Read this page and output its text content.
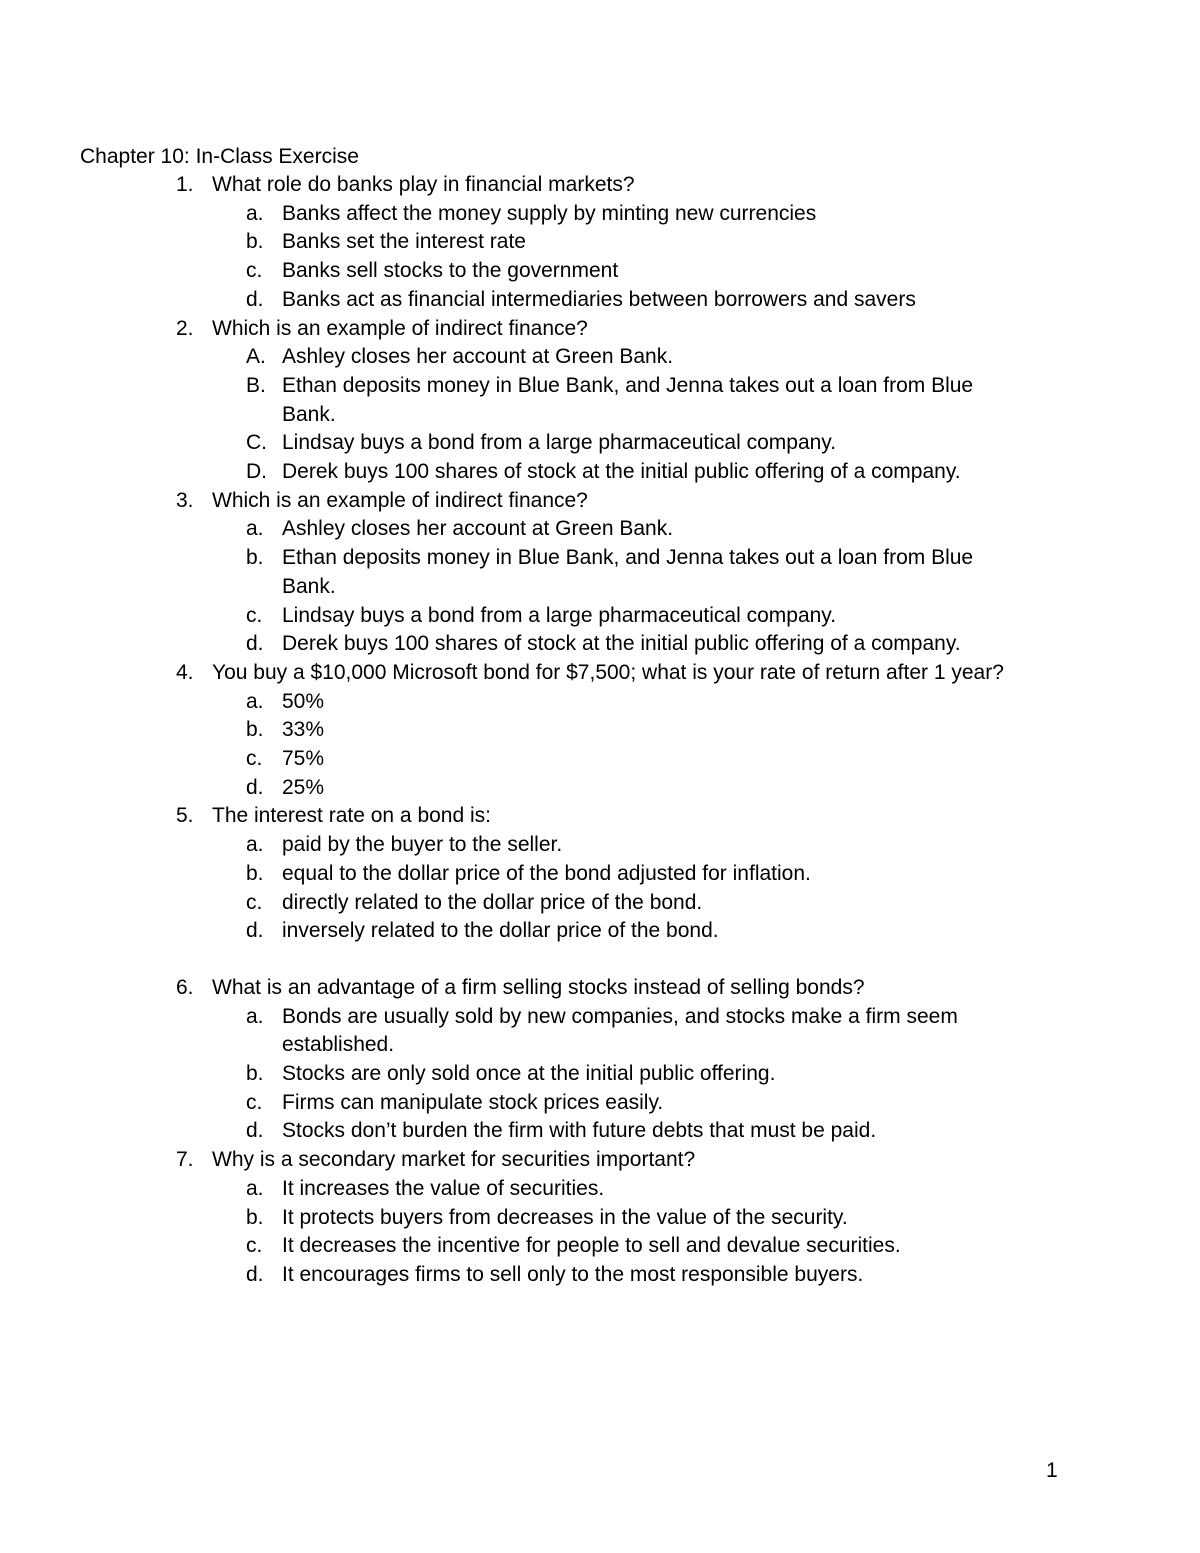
Chapter 10: In-Class Exercise
1. What role do banks play in financial markets?
a. Banks affect the money supply by minting new currencies
b. Banks set the interest rate
c. Banks sell stocks to the government
d. Banks act as financial intermediaries between borrowers and savers
2. Which is an example of indirect finance?
A. Ashley closes her account at Green Bank.
B. Ethan deposits money in Blue Bank, and Jenna takes out a loan from Blue Bank.
C. Lindsay buys a bond from a large pharmaceutical company.
D. Derek buys 100 shares of stock at the initial public offering of a company.
3. Which is an example of indirect finance?
a. Ashley closes her account at Green Bank.
b. Ethan deposits money in Blue Bank, and Jenna takes out a loan from Blue Bank.
c. Lindsay buys a bond from a large pharmaceutical company.
d. Derek buys 100 shares of stock at the initial public offering of a company.
4. You buy a $10,000 Microsoft bond for $7,500; what is your rate of return after 1 year?
a. 50%
b. 33%
c. 75%
d. 25%
5. The interest rate on a bond is:
a. paid by the buyer to the seller.
b. equal to the dollar price of the bond adjusted for inflation.
c. directly related to the dollar price of the bond.
d. inversely related to the dollar price of the bond.
6. What is an advantage of a firm selling stocks instead of selling bonds?
a. Bonds are usually sold by new companies, and stocks make a firm seem established.
b. Stocks are only sold once at the initial public offering.
c. Firms can manipulate stock prices easily.
d. Stocks don’t burden the firm with future debts that must be paid.
7. Why is a secondary market for securities important?
a. It increases the value of securities.
b. It protects buyers from decreases in the value of the security.
c. It decreases the incentive for people to sell and devalue securities.
d. It encourages firms to sell only to the most responsible buyers.
1
